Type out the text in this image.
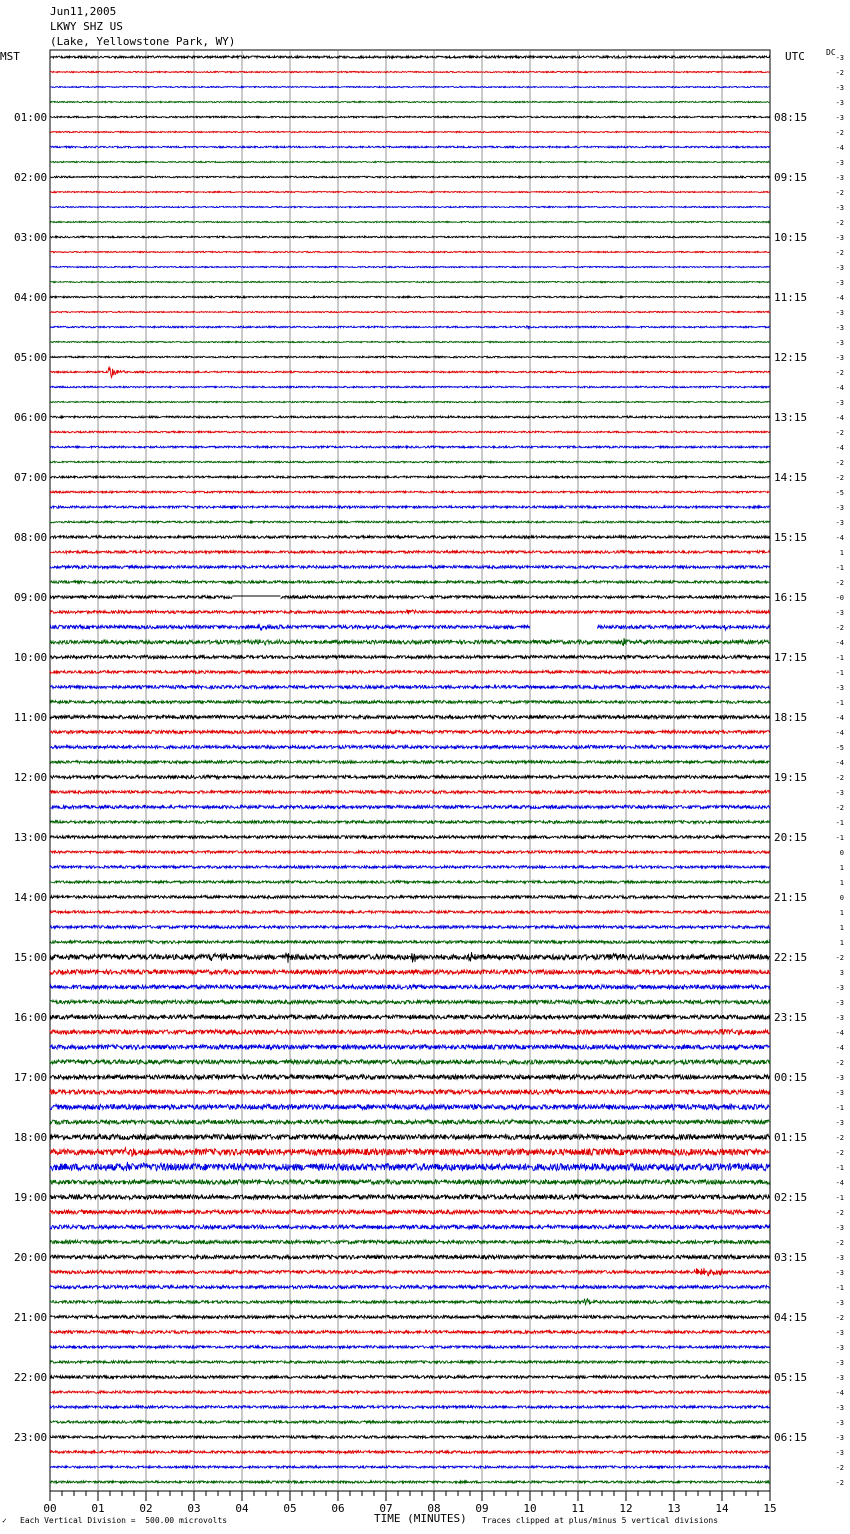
Jun11,2005
LKWY SHZ US
(Lake, Yellowstone Park, WY)
MST	UTC	DC
01:00
02:00
03:00
04:00
05:00
06:00
07:00
08:00
09:00
10:00
11:00
12:00
13:00
14:00
15:00
16:00
17:00
18:00
19:00
20:00
21:00
22:00
23:00
08:15
09:15
10:15
11:15
12:15
13:15
14:15
15:15
16:15
17:15
18:15
19:15
20:15
21:15
22:15
23:15
00:15
01:15
02:15
03:15
04:15
05:15
06:15
-3
-2
-3
-3
-3
-2
-4
-3
-3
-2
-3
-2
-3
-2
-3
-3
-4
-3
-3
-3
-3
-2
-4
-3
-4
-2
-4
-2
-2
-5
-3
-3
-4
1
-1
-2
-0
-3
-2
-4
-1
-1
-3
-1
-4
-4
-5
-4
-2
-3
-2
-1
-1
0
1
1
0
1
1
1
-2
3
-3
-3
-3
-4
-4
-2
-3
-3
-1
-3
-2
-2
-1
-4
-1
-2
-3
-2
-3
-3
-1
-3
-2
-3
-3
-3
-3
-4
-3
-3
-3
-3
-2
-2
00	01	02	03	04	05	06	07	08	09	10	11	12	13	14	15
✓ Each Vertical Division =  500.00 microvolts	TIME (MINUTES) Traces clipped at plus/minus 5 vertical divisions
